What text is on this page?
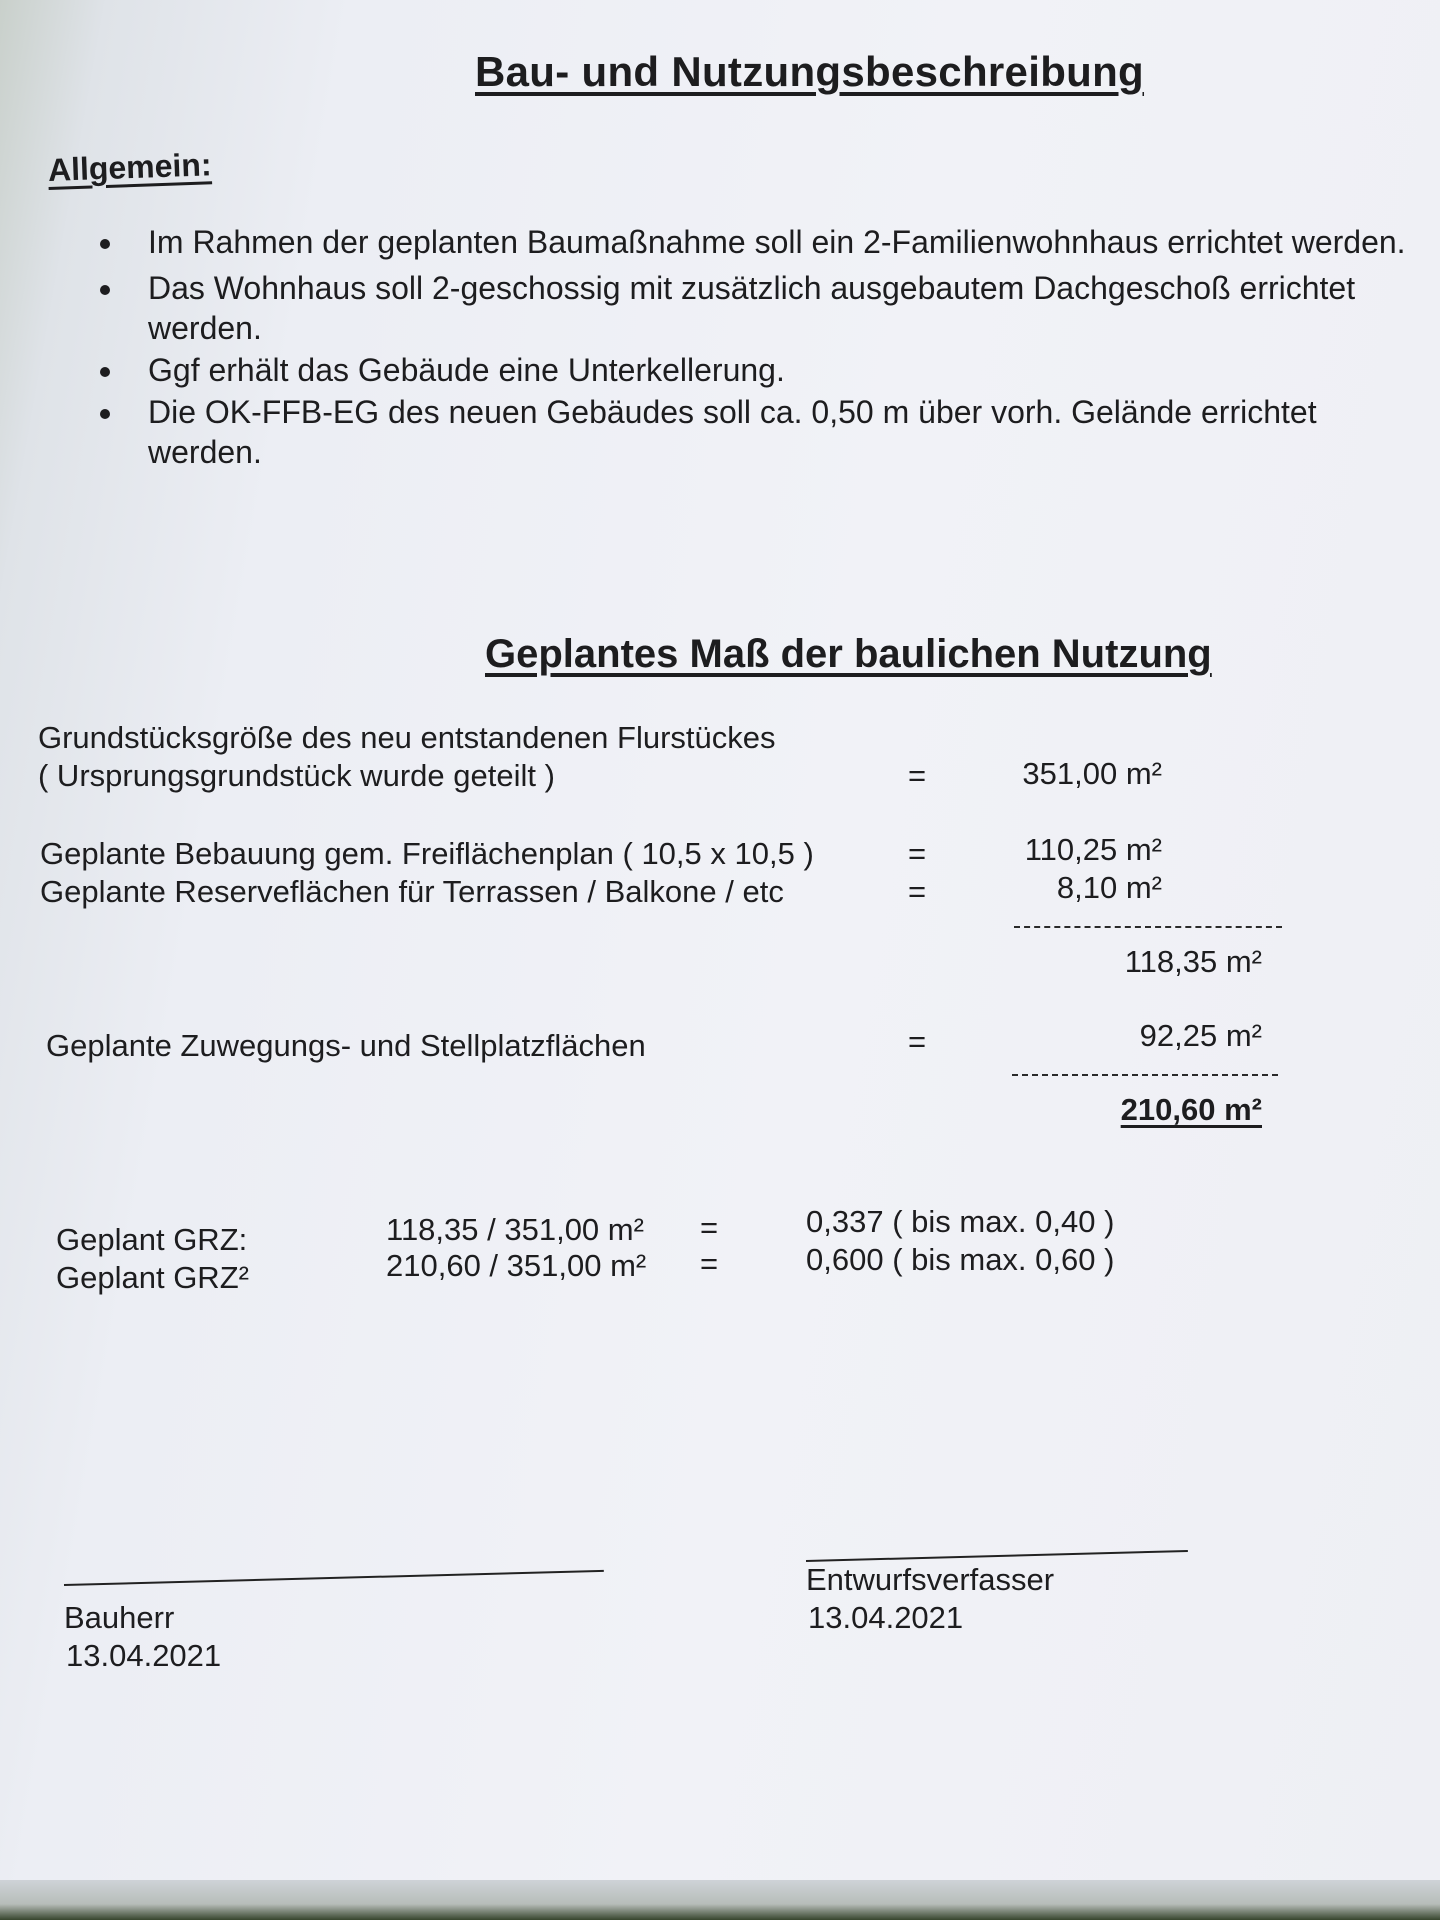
Bau- und Nutzungsbeschreibung
Allgemein:
Im Rahmen der geplanten Baumaßnahme soll ein 2-Familienwohnhaus errichtet werden.
Das Wohnhaus soll 2-geschossig mit zusätzlich ausgebautem Dachgeschoß errichtet werden.
Ggf erhält das Gebäude eine Unterkellerung.
Die OK-FFB-EG des neuen Gebäudes soll ca. 0,50 m über vorh. Gelände errichtet werden.
Geplantes Maß der baulichen Nutzung
Grundstücksgröße des neu entstandenen Flurstückes
( Ursprungsgrundstück wurde geteilt )	=	351,00 m²
Geplante Bebauung gem. Freiflächenplan ( 10,5 x 10,5 )	=	110,25 m²
Geplante Reserveflächen für Terrassen / Balkone / etc	=	8,10 m²
118,35 m²
Geplante Zuwegungs- und Stellplatzflächen	=	92,25 m²
210,60 m²
Geplant GRZ:	118,35 / 351,00 m² =	0,337 ( bis max. 0,40 )
Geplant GRZ²	210,60 / 351,00 m² =	0,600 ( bis max. 0,60 )
Bauherr
13.04.2021
Entwurfsverfasser
13.04.2021
